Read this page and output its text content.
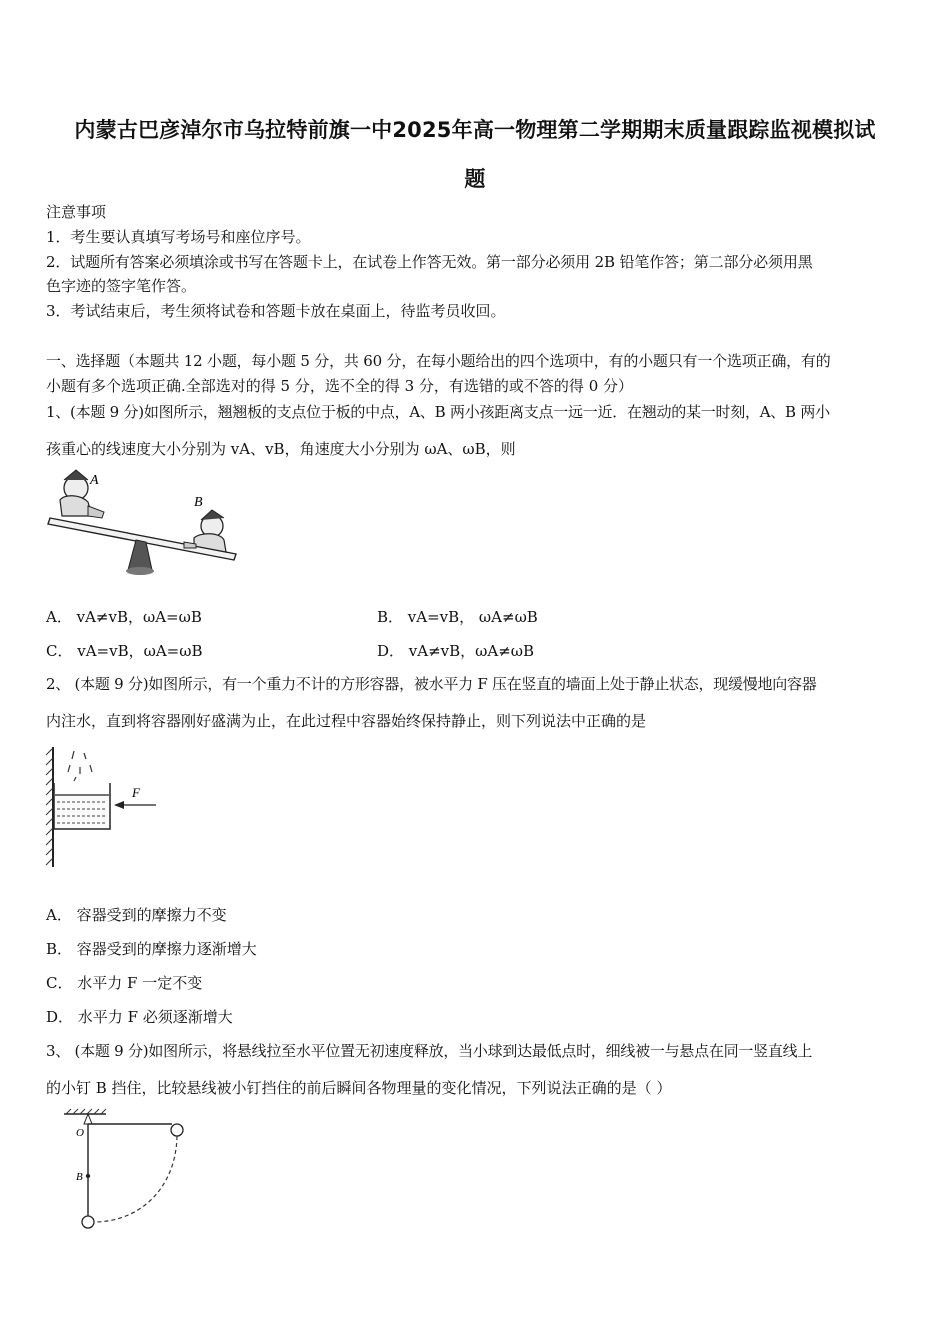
内蒙古巴彦淖尔市乌拉特前旗一中2025年高一物理第二学期期末质量跟踪监视模拟试
题
注意事项
1．考生要认真填写考场号和座位序号。
2．试题所有答案必须填涂或书写在答题卡上，在试卷上作答无效。第一部分必须用 2B 铅笔作答；第二部分必须用黑
色字迹的签字笔作答。
3．考试结束后，考生须将试卷和答题卡放在桌面上，待监考员收回。
一、选择题（本题共 12 小题，每小题 5 分，共 60 分，在每小题给出的四个选项中，有的小题只有一个选项正确，有的
小题有多个选项正确.全部选对的得 5 分，选不全的得 3 分，有选错的或不答的得 0 分）
1、(本题 9 分)如图所示，翘翘板的支点位于板的中点，A、B 两小孩距离支点一远一近．在翘动的某一时刻，A、B 两小
孩重心的线速度大小分别为 vA、vB，角速度大小分别为 ωA、ωB，则
A
B
A． vA≠vB，ωA=ωB	B． vA=vB， ωA≠ωB
C． vA=vB，ωA=ωB	D． vA≠vB，ωA≠ωB
2、 (本题 9 分)如图所示，有一个重力不计的方形容器，被水平力 F 压在竖直的墙面上处于静止状态，现缓慢地向容器
内注水，直到将容器刚好盛满为止，在此过程中容器始终保持静止，则下列说法中正确的是
F
A． 容器受到的摩擦力不变
B． 容器受到的摩擦力逐渐增大
C． 水平力 F 一定不变
D． 水平力 F 必须逐渐增大
3、 (本题 9 分)如图所示，将悬线拉至水平位置无初速度释放，当小球到达最低点时，细线被一与悬点在同一竖直线上
的小钉 B 挡住，比较悬线被小钉挡住的前后瞬间各物理量的变化情况，下列说法正确的是（ ）
O
B
